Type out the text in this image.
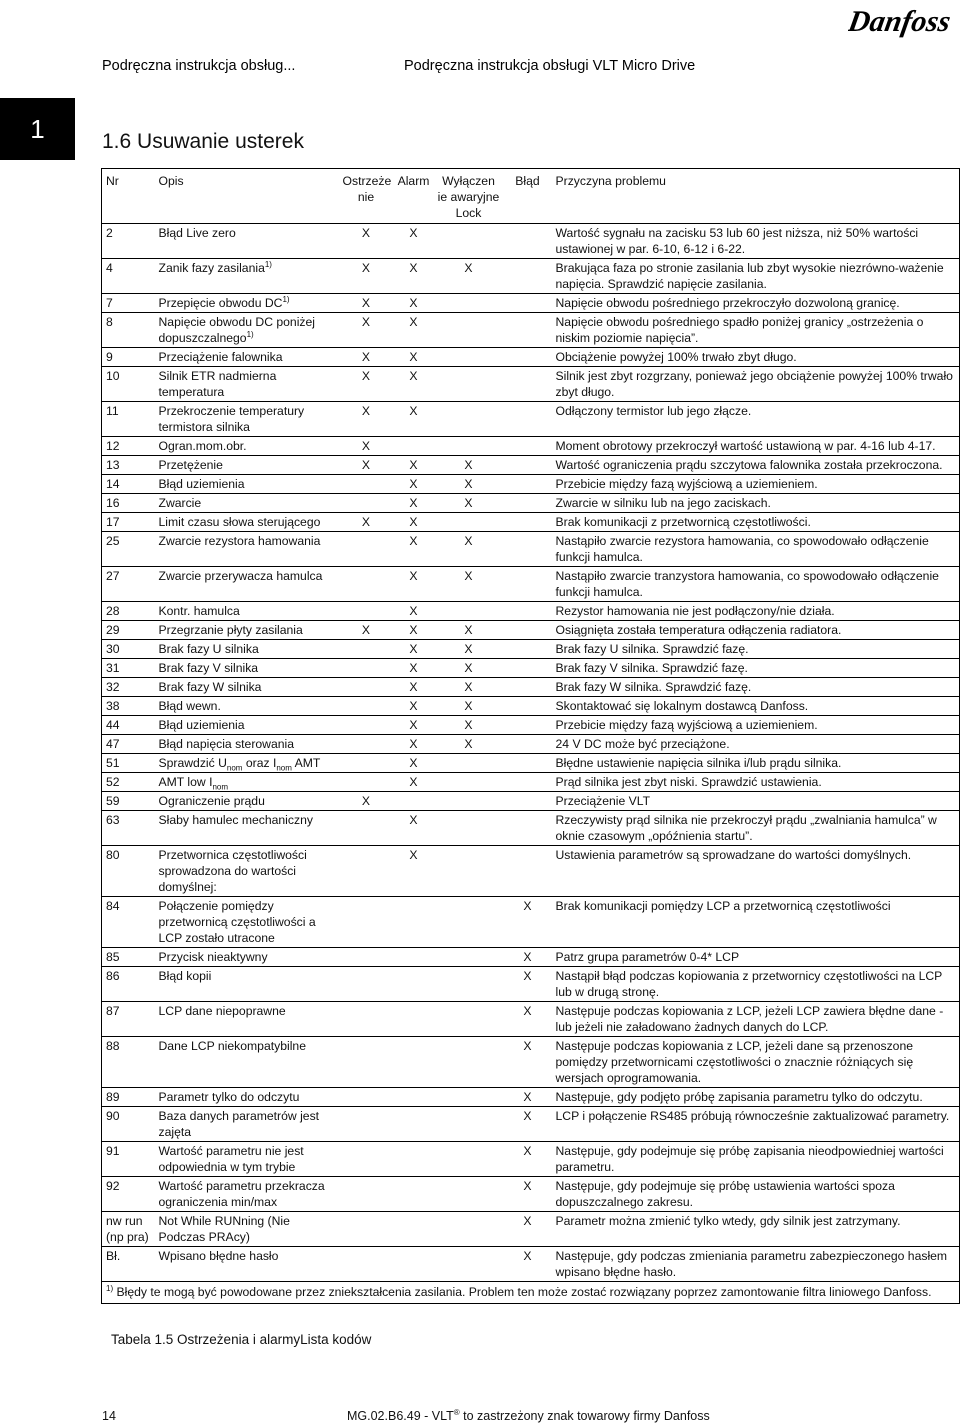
Danfoss
Podręczna instrukcja obsług...	Podręczna instrukcja obsługi VLT Micro Drive
1	1.6 Usuwanie usterek
Nr	Opis	Ostrzeże nie	Alarm	Wyłączen ie awaryjne Lock	Błąd	Przyczyna problemu
2	Błąd Live zero	X	X			Wartość sygnału na zacisku 53 lub 60 jest niższa, niż 50% wartości ustawionej w par. 6-10, 6-12 i 6-22.
4	Zanik fazy zasilania$^{1)}$	X	X	X		Brakująca faza po stronie zasilania lub zbyt wysokie niezrówno-ważenie napięcia. Sprawdzić napięcie zasilania.
7	Przepięcie obwodu DC$^{1)}$	X	X			Napięcie obwodu pośredniego przekroczyło dozwoloną granicę.
8	Napięcie obwodu DC poniżej dopuszczalnego$^{1)}$	X	X			Napięcie obwodu pośredniego spadło poniżej granicy „ostrzeżenia o niskim poziomie napięcia”.
9	Przeciążenie falownika	X	X			Obciążenie powyżej 100% trwało zbyt długo.
10	Silnik ETR nadmierna temperatura	X	X			Silnik jest zbyt rozgrzany, ponieważ jego obciążenie powyżej 100% trwało zbyt długo.
11	Przekroczenie temperatury termistora silnika	X	X			Odłączony termistor lub jego złącze.
12	Ogran.mom.obr.	X				Moment obrotowy przekroczył wartość ustawioną w par. 4-16 lub 4-17.
13	Przetężenie	X	X	X		Wartość ograniczenia prądu szczytowa falownika została przekroczona.
14	Błąd uziemienia		X	X		Przebicie między fazą wyjściową a uziemieniem.
16	Zwarcie		X	X		Zwarcie w silniku lub na jego zaciskach.
17	Limit czasu słowa sterującego	X	X			Brak komunikacji z przetwornicą częstotliwości.
25	Zwarcie rezystora hamowania		X	X		Nastąpiło zwarcie rezystora hamowania, co spowodowało odłączenie funkcji hamulca.
27	Zwarcie przerywacza hamulca		X	X		Nastąpiło zwarcie tranzystora hamowania, co spowodowało odłączenie funkcji hamulca.
28	Kontr. hamulca		X			Rezystor hamowania nie jest podłączony/nie działa.
29	Przegrzanie płyty zasilania	X	X	X		Osiągnięta została temperatura odłączenia radiatora.
30	Brak fazy U silnika		X	X		Brak fazy U silnika. Sprawdzić fazę.
31	Brak fazy V silnika		X	X		Brak fazy V silnika. Sprawdzić fazę.
32	Brak fazy W silnika		X	X		Brak fazy W silnika. Sprawdzić fazę.
38	Błąd wewn.		X	X		Skontaktować się lokalnym dostawcą Danfoss.
44	Błąd uziemienia		X	X		Przebicie między fazą wyjściową a uziemieniem.
47	Błąd napięcia sterowania		X	X		24 V DC może być przeciążone.
51	Sprawdzić $U_{nom}$ oraz $I_{nom}$ AMT		X			Błędne ustawienie napięcia silnika i/lub prądu silnika.
52	AMT low $I_{nom}$		X			Prąd silnika jest zbyt niski. Sprawdzić ustawienia.
59	Ograniczenie prądu	X				Przeciążenie VLT
63	Słaby hamulec mechaniczny		X			Rzeczywisty prąd silnika nie przekroczył prądu „zwalniania hamulca” w oknie czasowym „opóźnienia startu”.
80	Przetwornica częstotliwości sprowadzona do wartości domyślnej:		X			Ustawienia parametrów są sprowadzane do wartości domyślnych.
84	Połączenie pomiędzy przetwornicą częstotliwości a LCP zostało utracone				X	Brak komunikacji pomiędzy LCP a przetwornicą częstotliwości
85	Przycisk nieaktywny				X	Patrz grupa parametrów 0-4* LCP
86	Błąd kopii				X	Nastąpił błąd podczas kopiowania z przetwornicy częstotliwości na LCP lub w drugą stronę.
87	LCP dane niepoprawne				X	Następuje podczas kopiowania z LCP, jeżeli LCP zawiera błędne dane - lub jeżeli nie załadowano żadnych danych do LCP.
88	Dane LCP niekompatybilne				X	Następuje podczas kopiowania z LCP, jeżeli dane są przenoszone pomiędzy przetwornicami częstotliwości o znacznie różniących się wersjach oprogramowania.
89	Parametr tylko do odczytu				X	Następuje, gdy podjęto próbę zapisania parametru tylko do odczytu.
90	Baza danych parametrów jest zajęta				X	LCP i połączenie RS485 próbują równocześnie zaktualizować parametry.
91	Wartość parametru nie jest odpowiednia w tym trybie				X	Następuje, gdy podejmuje się próbę zapisania nieodpowiedniej wartości parametru.
92	Wartość parametru przekracza ograniczenia min/max				X	Następuje, gdy podejmuje się próbę ustawienia wartości spoza dopuszczalnego zakresu.
nw run (np pra)	Not While RUNning (Nie Podczas PRAcy)				X	Parametr można zmienić tylko wtedy, gdy silnik jest zatrzymany.
Bł.	Wpisano błędne hasło				X	Następuje, gdy podczas zmieniania parametru zabezpieczonego hasłem wpisano błędne hasło.
$^{1)}$ Błędy te mogą być powodowane przez zniekształcenia zasilania. Problem ten może zostać rozwiązany poprzez zamontowanie filtra liniowego Danfoss.						
Tabela 1.5 Ostrzeżenia i alarmyLista kodów
14	MG.02.B6.49 - VLT® to zastrzeżony znak towarowy firmy Danfoss
